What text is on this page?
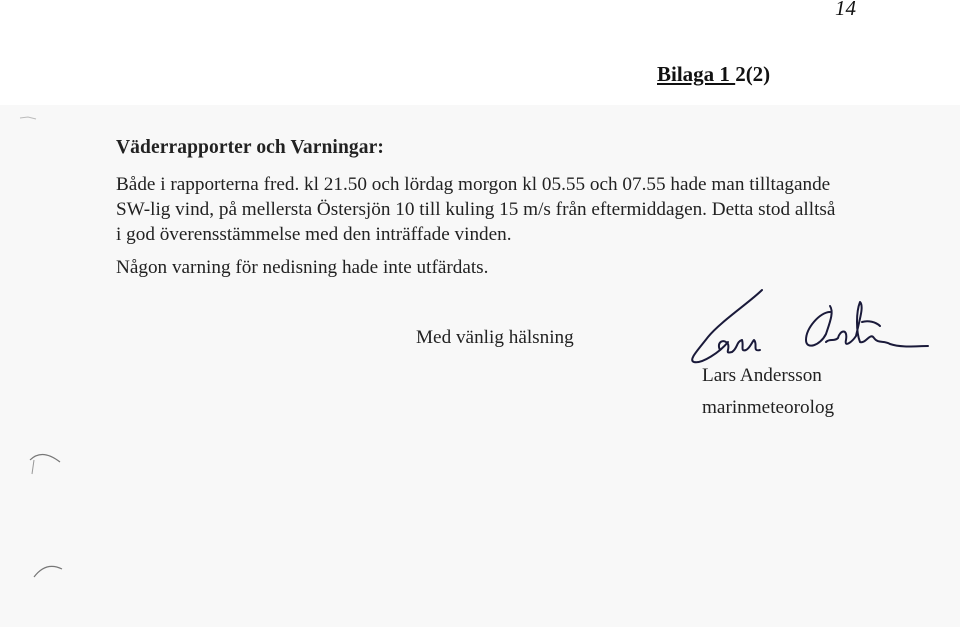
14
Bilaga 1 2(2)
Väderrapporter och Varningar:
Både i rapporterna fred. kl 21.50 och lördag morgon kl 05.55 och 07.55 hade man tilltagande
SW-lig vind, på mellersta Östersjön 10 till kuling 15 m/s från eftermiddagen. Detta stod alltså
i god överensstämmelse med den inträffade vinden.
Någon varning för nedisning hade inte utfärdats.
Med vänlig hälsning
Lars Andersson
marinmeteorolog
